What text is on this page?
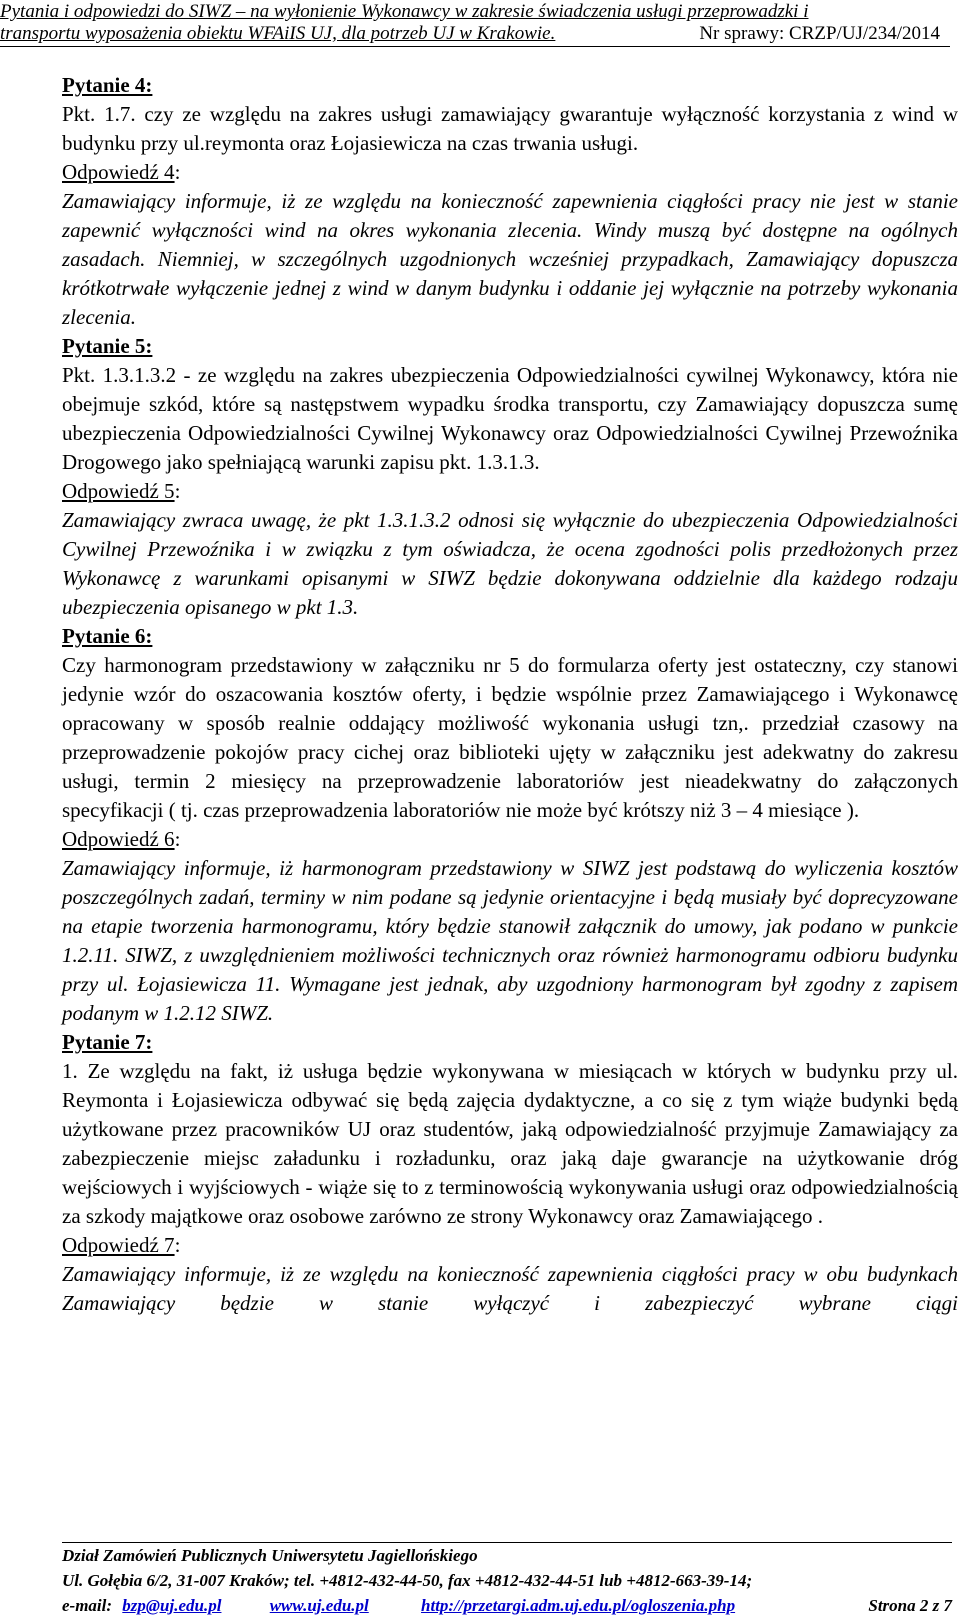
Pytania i odpowiedzi do SIWZ – na wyłonienie Wykonawcy w zakresie świadczenia usługi przeprowadzki i
transportu wyposażenia obiektu WFAiIS UJ, dla potrzeb UJ w Krakowie.	Nr sprawy: CRZP/UJ/234/2014
Pytanie 4:

Pkt. 1.7. czy ze względu na zakres usługi zamawiający gwarantuje wyłączność korzystania z wind w budynku przy ul.reymonta oraz Łojasiewicza na czas trwania usługi.

Odpowiedź 4:

Zamawiający informuje, iż ze względu na konieczność zapewnienia ciągłości pracy nie jest w stanie zapewnić wyłączności wind na okres wykonania zlecenia. Windy muszą być dostępne na ogólnych zasadach. Niemniej, w szczególnych uzgodnionych wcześniej przypadkach, Zamawiający dopuszcza krótkotrwałe wyłączenie jednej z wind w danym budynku i oddanie jej wyłącznie na potrzeby wykonania zlecenia.

Pytanie 5:

Pkt. 1.3.1.3.2 - ze względu na zakres ubezpieczenia Odpowiedzialności cywilnej Wykonawcy, która nie obejmuje szkód, które są następstwem wypadku środka transportu, czy Zamawiający dopuszcza sumę ubezpieczenia Odpowiedzialności Cywilnej Wykonawcy oraz Odpowiedzialności Cywilnej Przewoźnika Drogowego jako spełniającą warunki zapisu pkt. 1.3.1.3.

Odpowiedź 5:

Zamawiający zwraca uwagę, że pkt 1.3.1.3.2 odnosi się wyłącznie do ubezpieczenia Odpowiedzialności Cywilnej Przewoźnika i w związku z tym oświadcza, że ocena zgodności polis przedłożonych przez Wykonawcę z warunkami opisanymi w SIWZ będzie dokonywana oddzielnie dla każdego rodzaju ubezpieczenia opisanego w pkt 1.3.

Pytanie 6:

Czy harmonogram przedstawiony w załączniku nr 5 do formularza oferty jest ostateczny, czy stanowi jedynie wzór do oszacowania kosztów oferty, i będzie wspólnie przez Zamawiającego i Wykonawcę opracowany w sposób realnie oddający możliwość wykonania usługi tzn,. przedział czasowy na przeprowadzenie pokojów pracy cichej oraz biblioteki ujęty w załączniku jest adekwatny do zakresu usługi, termin 2 miesięcy na przeprowadzenie laboratoriów jest nieadekwatny do załączonych specyfikacji ( tj. czas przeprowadzenia laboratoriów nie może być krótszy niż 3 – 4 miesiące ).

Odpowiedź 6:

Zamawiający informuje, iż harmonogram przedstawiony w SIWZ jest podstawą do wyliczenia kosztów poszczególnych zadań, terminy w nim podane są jedynie orientacyjne i będą musiały być doprecyzowane na etapie tworzenia harmonogramu, który będzie stanowił załącznik do umowy, jak podano w punkcie 1.2.11. SIWZ, z uwzględnieniem możliwości technicznych oraz również harmonogramu odbioru budynku przy ul. Łojasiewicza 11. Wymagane jest jednak, aby uzgodniony harmonogram był zgodny z zapisem podanym w 1.2.12 SIWZ.

Pytanie 7:

1. Ze względu na fakt, iż usługa będzie wykonywana w miesiącach w których w budynku przy ul. Reymonta i Łojasiewicza odbywać się będą zajęcia dydaktyczne, a co się z tym wiąże budynki będą użytkowane przez pracowników UJ oraz studentów, jaką odpowiedzialność przyjmuje Zamawiający za zabezpieczenie miejsc załadunku i rozładunku, oraz jaką daje gwarancje na użytkowanie dróg wejściowych i wyjściowych - wiąże się to z terminowością wykonywania usługi oraz odpowiedzialnością za szkody majątkowe oraz osobowe zarówno ze strony Wykonawcy oraz Zamawiającego .

Odpowiedź 7:

Zamawiający informuje, iż ze względu na konieczność zapewnienia ciągłości pracy w obu budynkach Zamawiający będzie w stanie wyłączyć i zabezpieczyć wybrane ciągi

Dział Zamówień Publicznych Uniwersytetu Jagiellońskiego
Ul. Gołębia 6/2, 31-007 Kraków; tel. +4812-432-44-50, fax +4812-432-44-51 lub +4812-663-39-14;
e-mail: bzp@uj.edu.pl	www.uj.edu.pl	http://przetargi.adm.uj.edu.pl/ogloszenia.php	Strona 2 z 7
